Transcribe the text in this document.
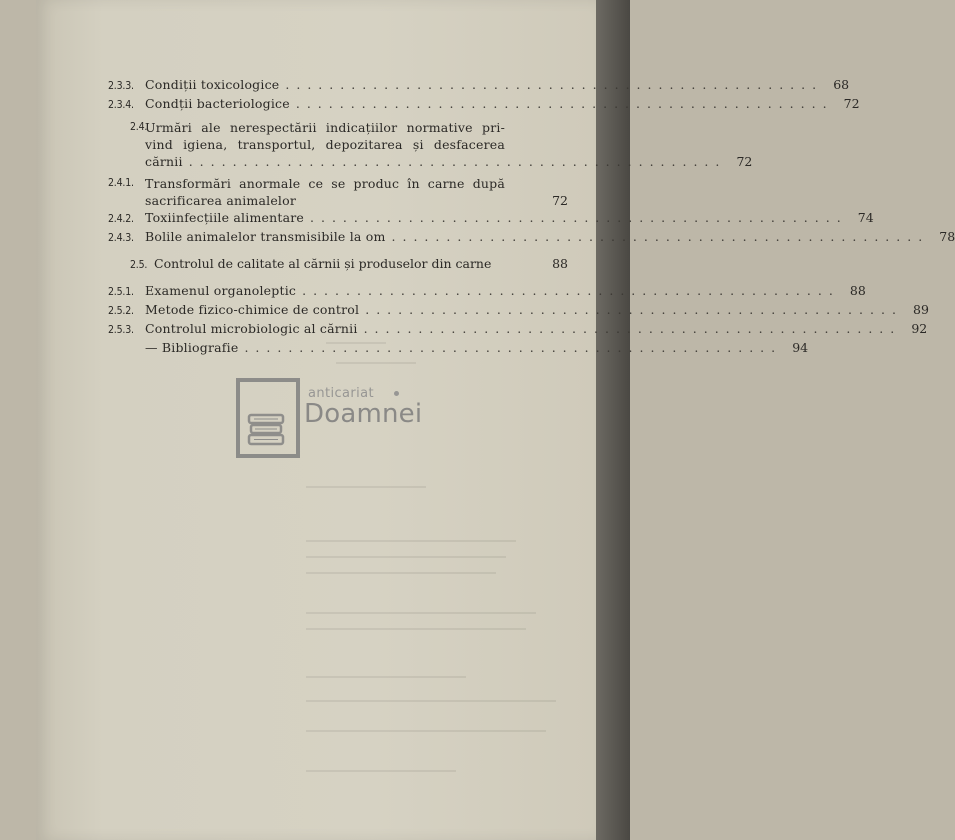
2.3.3. Condiții toxicologice ................................................. 68
2.3.4. Condții bacteriologice ................................................. 72
2.4.
Urmări ale nerespectării indicațiilor normative pri-
vind igiena, transportul, depozitarea și desfacerea
cărnii ................................................. 72
2.4.1. Transformări anormale ce se produc în carne după
sacrificarea animalelor	72
2.4.2. Toxiinfecțiile alimentare ................................................. 74
2.4.3. Bolile animalelor transmisibile la om ................................................. 78
2.5. Controlul de calitate al cărnii și produselor din carne	88
2.5.1. Examenul organoleptic ................................................. 88
2.5.2. Metode fizico-chimice de control ................................................. 89
2.5.3. Controlul microbiologic al cărnii ................................................. 92
— Bibliografie ................................................. 94
anticariat
Doamnei
